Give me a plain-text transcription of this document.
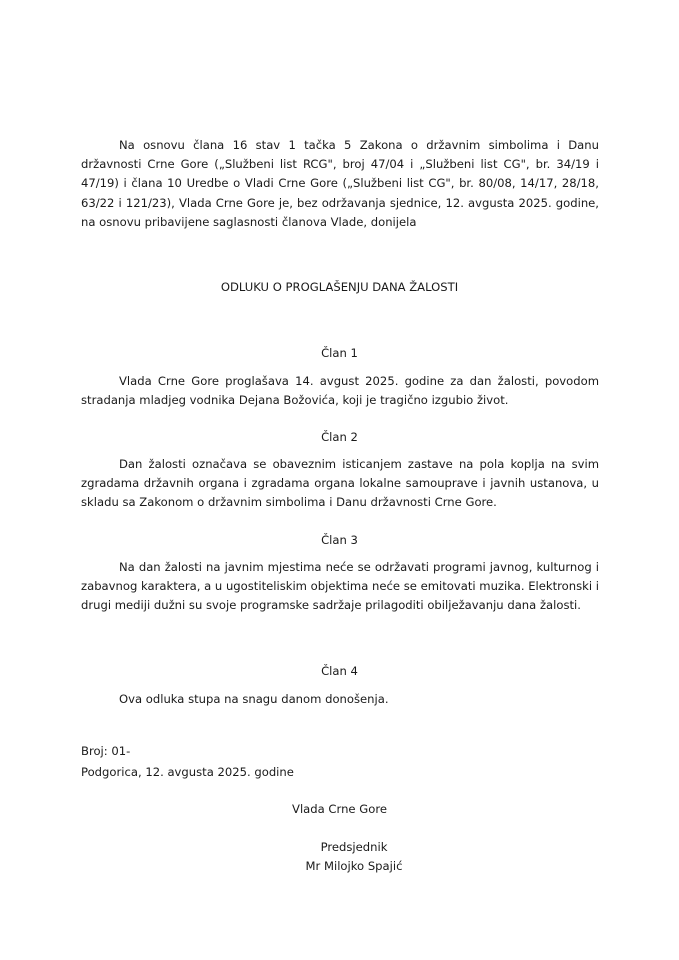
Na osnovu člana 16 stav 1 tačka 5 Zakona o državnim simbolima i Danu državnosti Crne Gore („Službeni list RCG", broj 47/04 i „Službeni list CG", br. 34/19 i 47/19) i člana 10 Uredbe o Vladi Crne Gore („Službeni list CG", br. 80/08, 14/17, 28/18, 63/22 i 121/23), Vlada Crne Gore je, bez održavanja sjednice, 12. avgusta 2025. godine, na osnovu pribavijene saglasnosti članova Vlade, donijela

ODLUKU O PROGLAŠENJU DANA ŽALOSTI

Član 1

Vlada Crne Gore proglašava 14. avgust 2025. godine za dan žalosti, povodom stradanja mladjeg vodnika Dejana Božovića, koji je tragično izgubio život.

Član 2

Dan žalosti označava se obaveznim isticanjem zastave na pola koplja na svim zgradama državnih organa i zgradama organa lokalne samouprave i javnih ustanova, u skladu sa Zakonom o državnim simbolima i Danu državnosti Crne Gore.

Član 3

Na dan žalosti na javnim mjestima neće se održavati programi javnog, kulturnog i zabavnog karaktera, a u ugostiteliskim objektima neće se emitovati muzika. Elektronski i drugi mediji dužni su svoje programske sadržaje prilagoditi obilježavanju dana žalosti.

Član 4

Ova odluka stupa na snagu danom donošenja.

Broj: 01-

Podgorica, 12. avgusta 2025. godine

Vlada Crne Gore

Predsjednik

Mr Milojko Spajić
